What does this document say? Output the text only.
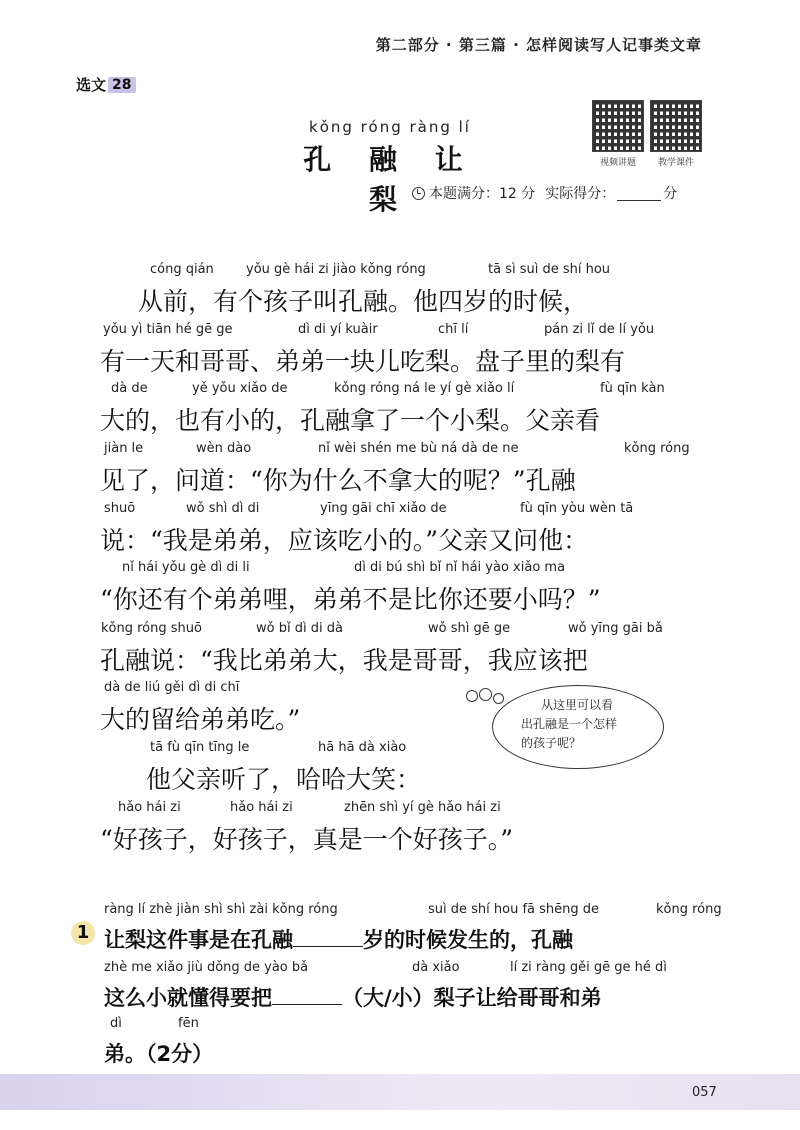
第二部分 · 第三篇 · 怎样阅读写人记事类文章
选文 28
kǒng róng ràng lí
孔 融 让 梨
视频讲题 教学课件
本题满分：12 分 实际得分：	分
cóng qián yǒu gè hái zi jiào kǒng róng	tā sì suì de shí hou
从前，有个孩子叫孔融。他四岁的时候，
yǒu yì tiān hé gē ge	dì di yí kuàir	chī lí	pán zi lǐ de lí yǒu
有一天和哥哥、弟弟一块儿吃梨。盘子里的梨有
dà de	yě yǒu xiǎo de	kǒng róng ná le yí gè xiǎo lí	fù qīn kàn
大的，也有小的，孔融拿了一个小梨。父亲看
jiàn le	wèn dào	nǐ wèi shén me bù ná dà de ne	kǒng róng
见了，问道：“你为什么不拿大的呢？”孔融
shuō	wǒ shì dì di	yīng gāi chī xiǎo de	fù qīn yòu wèn tā
说：“我是弟弟，应该吃小的。”父亲又问他：
nǐ hái yǒu gè dì di li	dì di bú shì bǐ nǐ hái yào xiǎo ma
“你还有个弟弟哩，弟弟不是比你还要小吗？”
kǒng róng shuō	wǒ bǐ dì di dà	wǒ shì gē ge	wǒ yīng gāi bǎ
孔融说：“我比弟弟大，我是哥哥，我应该把
dà de liú gěi dì di chī
大的留给弟弟吃。”
tā fù qīn tīng le	hā hā dà xiào
他父亲听了，哈哈大笑：
hǎo hái zi	hǎo hái zi	zhēn shì yí gè hǎo hái zi
“好孩子，好孩子，真是一个好孩子。”
从这里可以看
出孔融是一个怎样
的孩子呢？
1
ràng lí zhè jiàn shì shì zài kǒng róng	suì de shí hou fā shēng de	kǒng róng
让梨这件事是在孔融	岁的时候发生的，孔融
zhè me xiǎo jiù dǒng de yào bǎ	dà xiǎo	lí zi ràng gěi gē ge hé dì
这么小就懂得要把	（大/小）梨子让给哥哥和弟
dì	fēn
弟。（2分）
057
